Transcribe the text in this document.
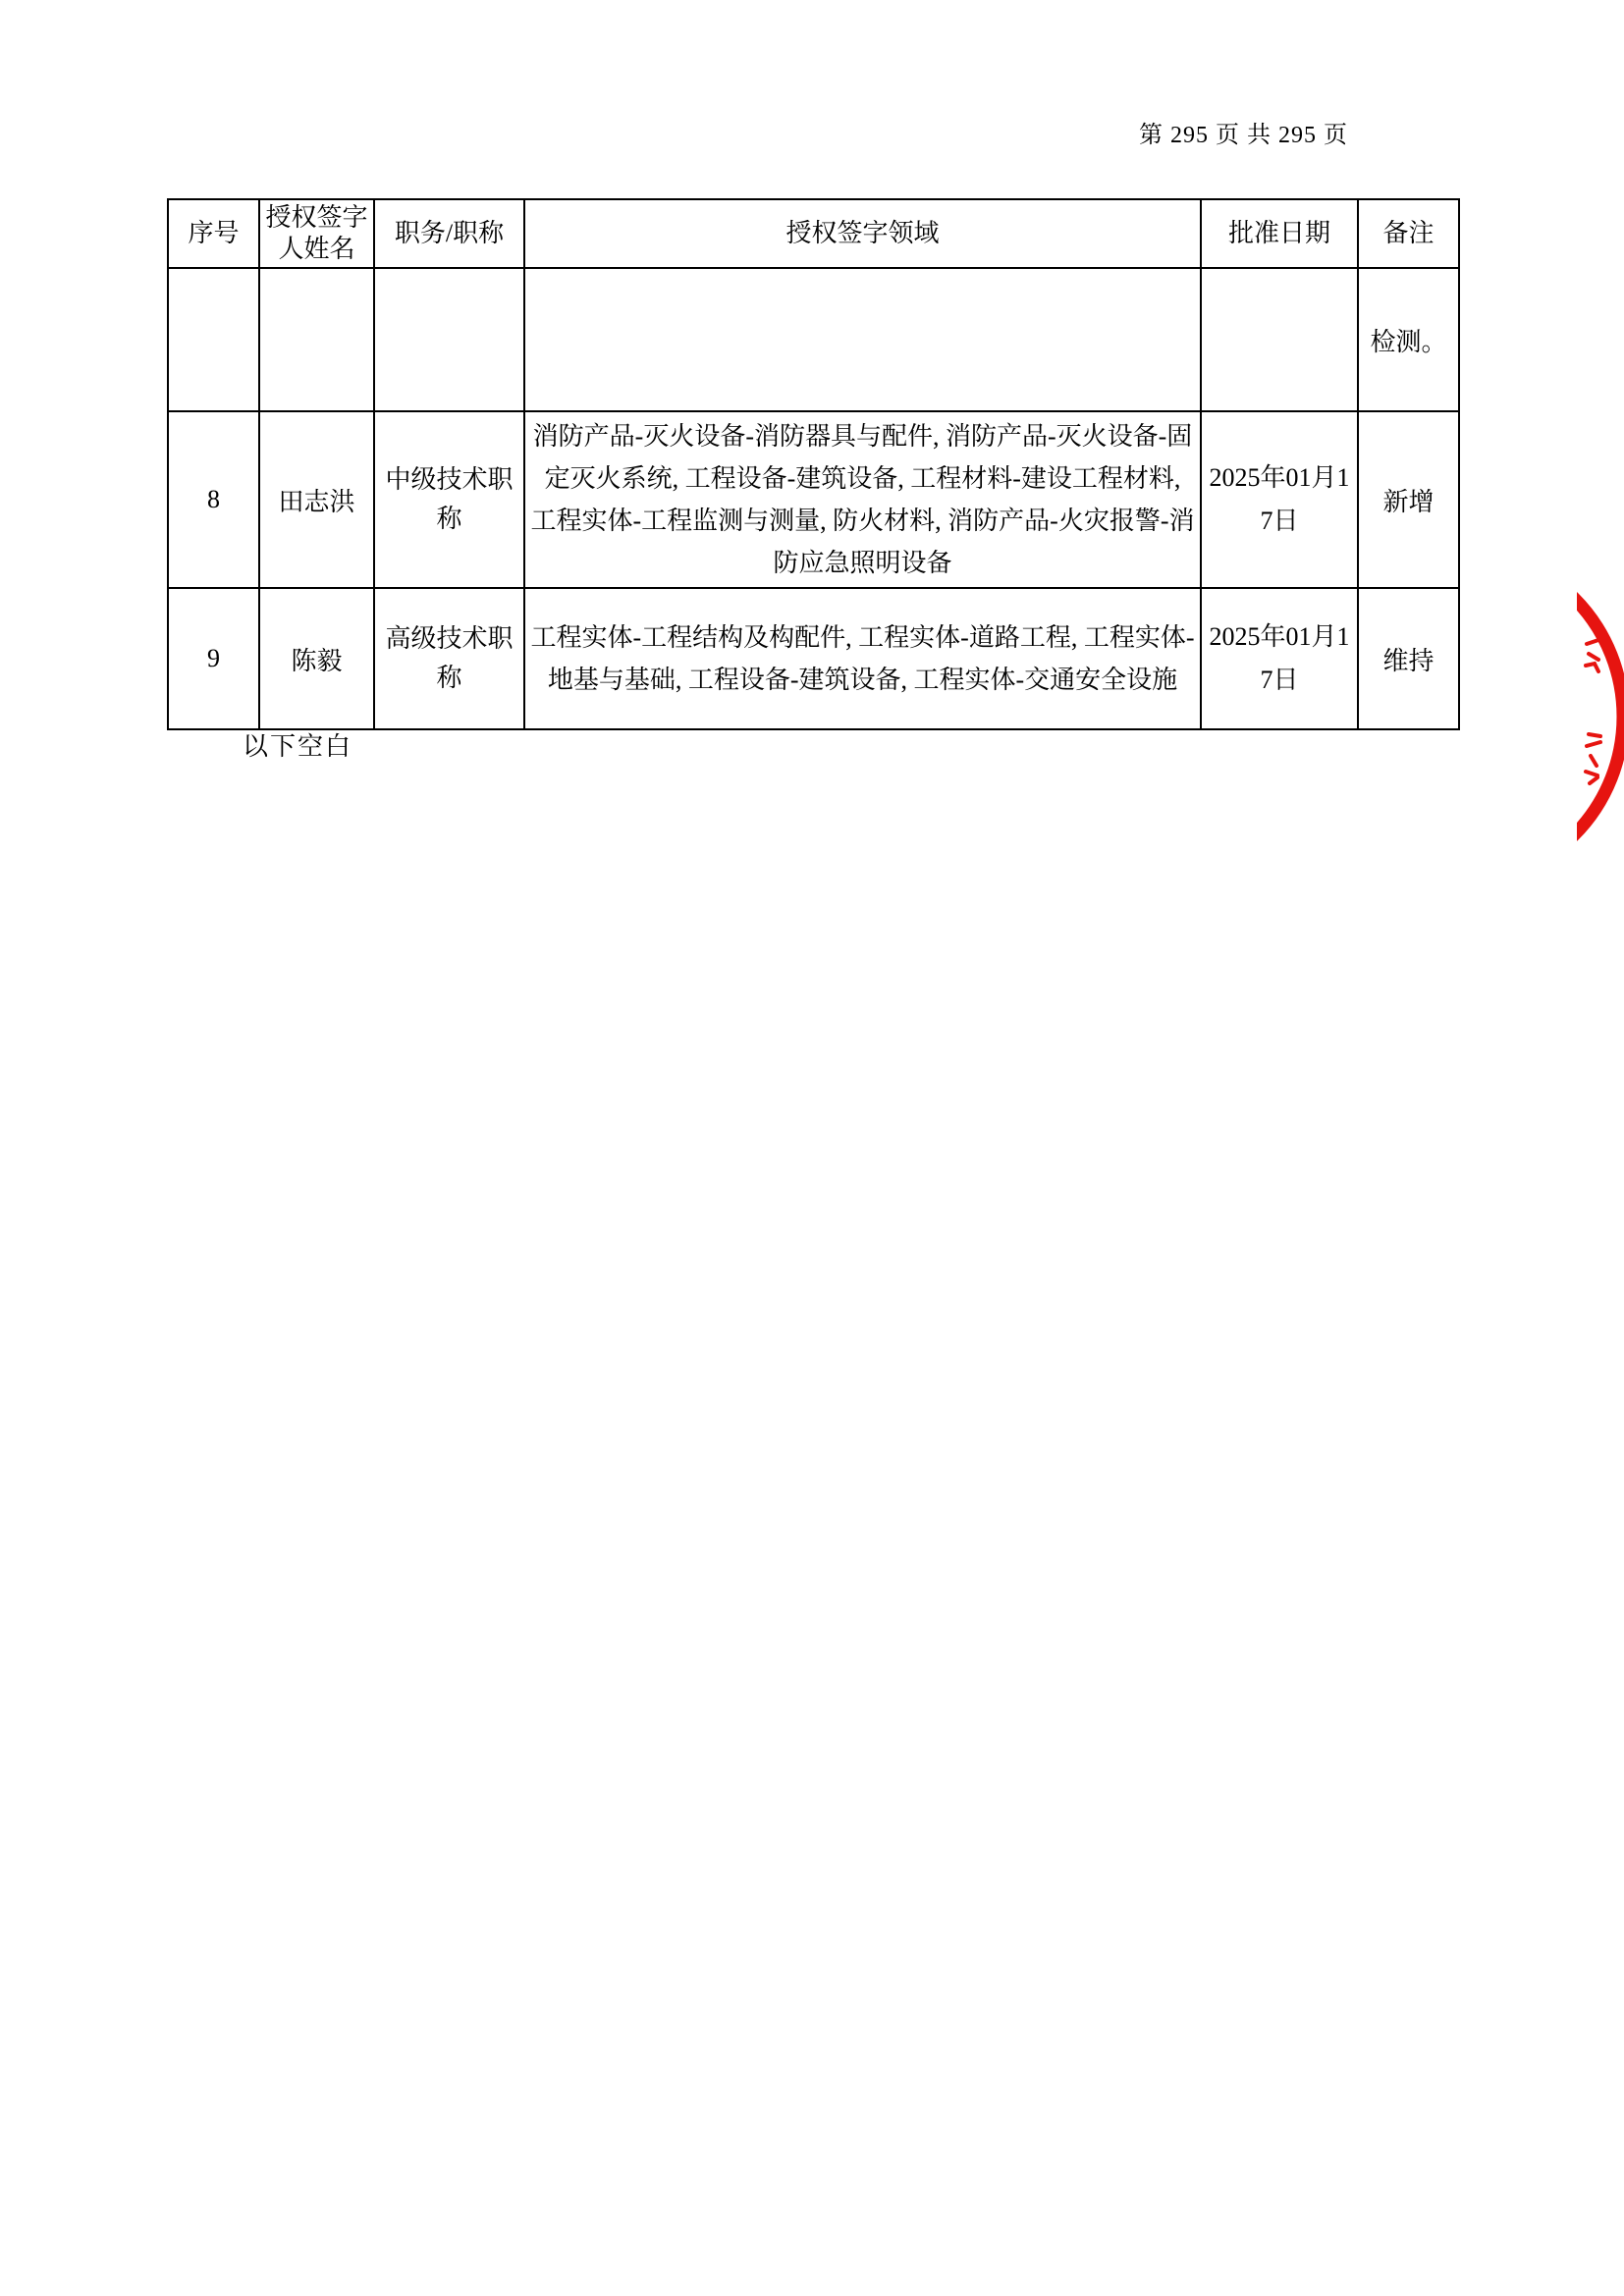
第 295 页 共 295 页
序号	授权签字人姓名	职务/职称	授权签字领域	批准日期	备注
					检测。
8	田志洪	中级技术职称	消防产品-灭火设备-消防器具与配件, 消防产品-灭火设备-固定灭火系统, 工程设备-建筑设备, 工程材料-建设工程材料, 工程实体-工程监测与测量, 防火材料, 消防产品-火灾报警-消防应急照明设备	2025年01月17日	新增
9	陈毅	高级技术职称	工程实体-工程结构及构配件, 工程实体-道路工程, 工程实体-地基与基础, 工程设备-建筑设备, 工程实体-交通安全设施	2025年01月17日	维持
以下空白
